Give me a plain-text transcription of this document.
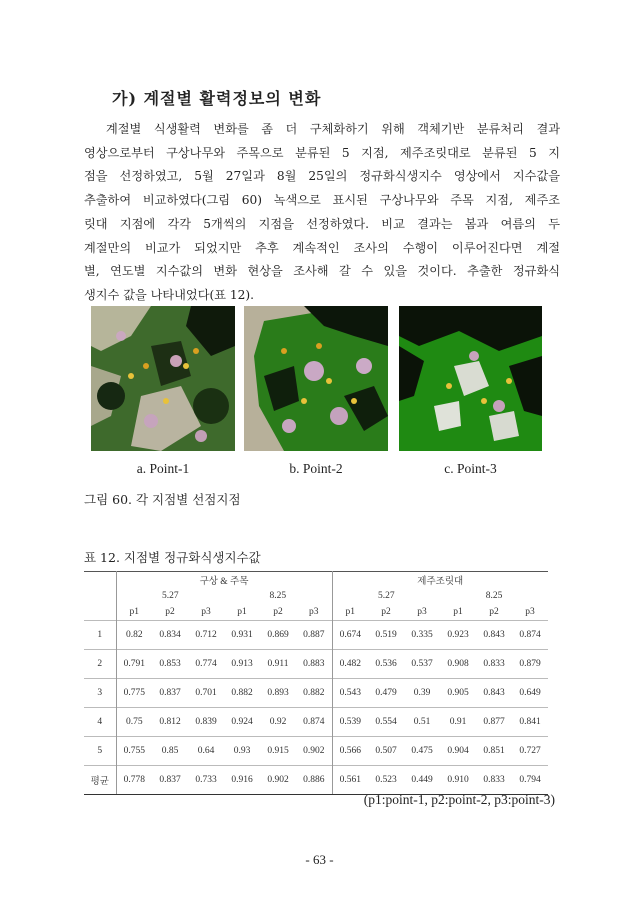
가) 계절별 활력정보의 변화
계절별 식생활력 변화를 좀 더 구체화하기 위해 객체기반 분류처리 결과
영상으로부터 구상나무와 주목으로 분류된 5 지점, 제주조릿대로 분류된 5 지
점을 선정하였고, 5월 27일과 8월 25일의 정규화식생지수 영상에서 지수값을
추출하여 비교하였다(그림 60) 녹색으로 표시된 구상나무와 주목 지점, 제주조
릿대 지점에 각각 5개씩의 지점을 선정하였다. 비교 결과는 봄과 여름의 두
계절만의 비교가 되었지만 추후 계속적인 조사의 수행이 이루어진다면 계절
별, 연도별 지수값의 변화 현상을 조사해 갈 수 있을 것이다. 추출한 정규화식
생지수 값을 나타내었다(표 12).
a. Point-1	b. Point-2	c. Point-3
그림 60. 각 지점별 선점지점
표 12. 지점별 정규화식생지수값
	구상 & 주목						제주조릿대					
	5.27			8.25			5.27			8.25		
	p1	p2	p3	p1	p2	p3	p1	p2	p3	p1	p2	p3
1	0.82	0.834	0.712	0.931	0.869	0.887	0.674	0.519	0.335	0.923	0.843	0.874
2	0.791	0.853	0.774	0.913	0.911	0.883	0.482	0.536	0.537	0.908	0.833	0.879
3	0.775	0.837	0.701	0.882	0.893	0.882	0.543	0.479	0.39	0.905	0.843	0.649
4	0.75	0.812	0.839	0.924	0.92	0.874	0.539	0.554	0.51	0.91	0.877	0.841
5	0.755	0.85	0.64	0.93	0.915	0.902	0.566	0.507	0.475	0.904	0.851	0.727
평균	0.778	0.837	0.733	0.916	0.902	0.886	0.561	0.523	0.449	0.910	0.833	0.794
(p1:point-1, p2:point-2, p3:point-3)
- 63 -
